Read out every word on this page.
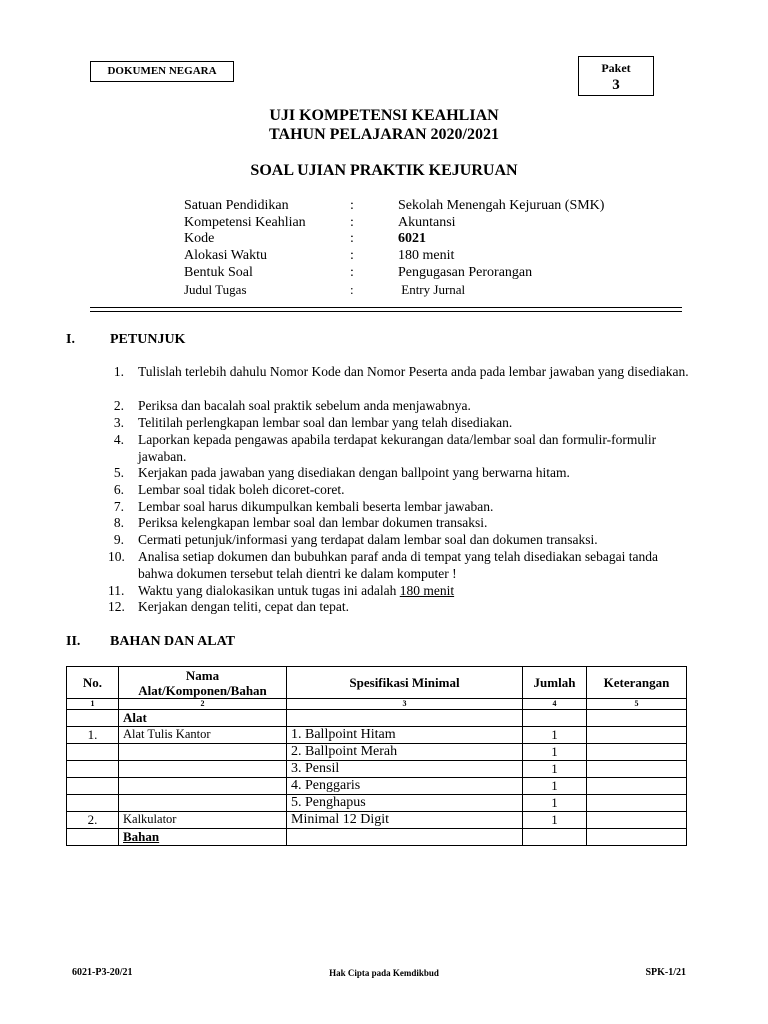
DOKUMEN NEGARA	Paket
3
UJI KOMPETENSI KEAHLIAN
TAHUN PELAJARAN 2020/2021
SOAL UJIAN PRAKTIK KEJURUAN
Satuan Pendidikan	:	Sekolah Menengah Kejuruan (SMK)
Kompetensi Keahlian	:	Akuntansi
Kode	:	6021
Alokasi Waktu	:	180 menit
Bentuk Soal	:	Pengugasan Perorangan
Judul Tugas	:	Entry Jurnal
I.	PETUNJUK
1. Tulislah terlebih dahulu Nomor Kode dan Nomor Peserta anda pada lembar jawaban yang disediakan.
2. Periksa dan bacalah soal praktik sebelum anda menjawabnya.
3. Telitilah perlengkapan lembar soal dan lembar yang telah disediakan.
4. Laporkan kepada pengawas apabila terdapat kekurangan data/lembar soal dan formulir-formulir jawaban.
5. Kerjakan pada jawaban yang disediakan dengan ballpoint yang berwarna hitam.
6. Lembar soal tidak boleh dicoret-coret.
7. Lembar soal harus dikumpulkan kembali beserta lembar jawaban.
8. Periksa kelengkapan lembar soal dan lembar dokumen transaksi.
9. Cermati petunjuk/informasi yang terdapat dalam lembar soal dan dokumen transaksi.
10. Analisa setiap dokumen dan bubuhkan paraf anda di tempat yang telah disediakan sebagai tanda bahwa dokumen tersebut telah dientri ke dalam komputer !
11. Waktu yang dialokasikan untuk tugas ini adalah 180 menit
12. Kerjakan dengan teliti, cepat dan tepat.
II. BAHAN DAN ALAT
No.	Nama Alat/Komponen/Bahan	Spesifikasi Minimal	Jumlah	Keterangan
1	2	3	4	5
	Alat			
1.	Alat Tulis Kantor	1. Ballpoint Hitam	1	
		2. Ballpoint Merah	1	
		3. Pensil	1	
		4. Penggaris	1	
		5. Penghapus	1	
2.	Kalkulator	Minimal 12 Digit	1	
	Bahan			
6021-P3-20/21	Hak Cipta pada Kemdikbud	SPK-1/21
